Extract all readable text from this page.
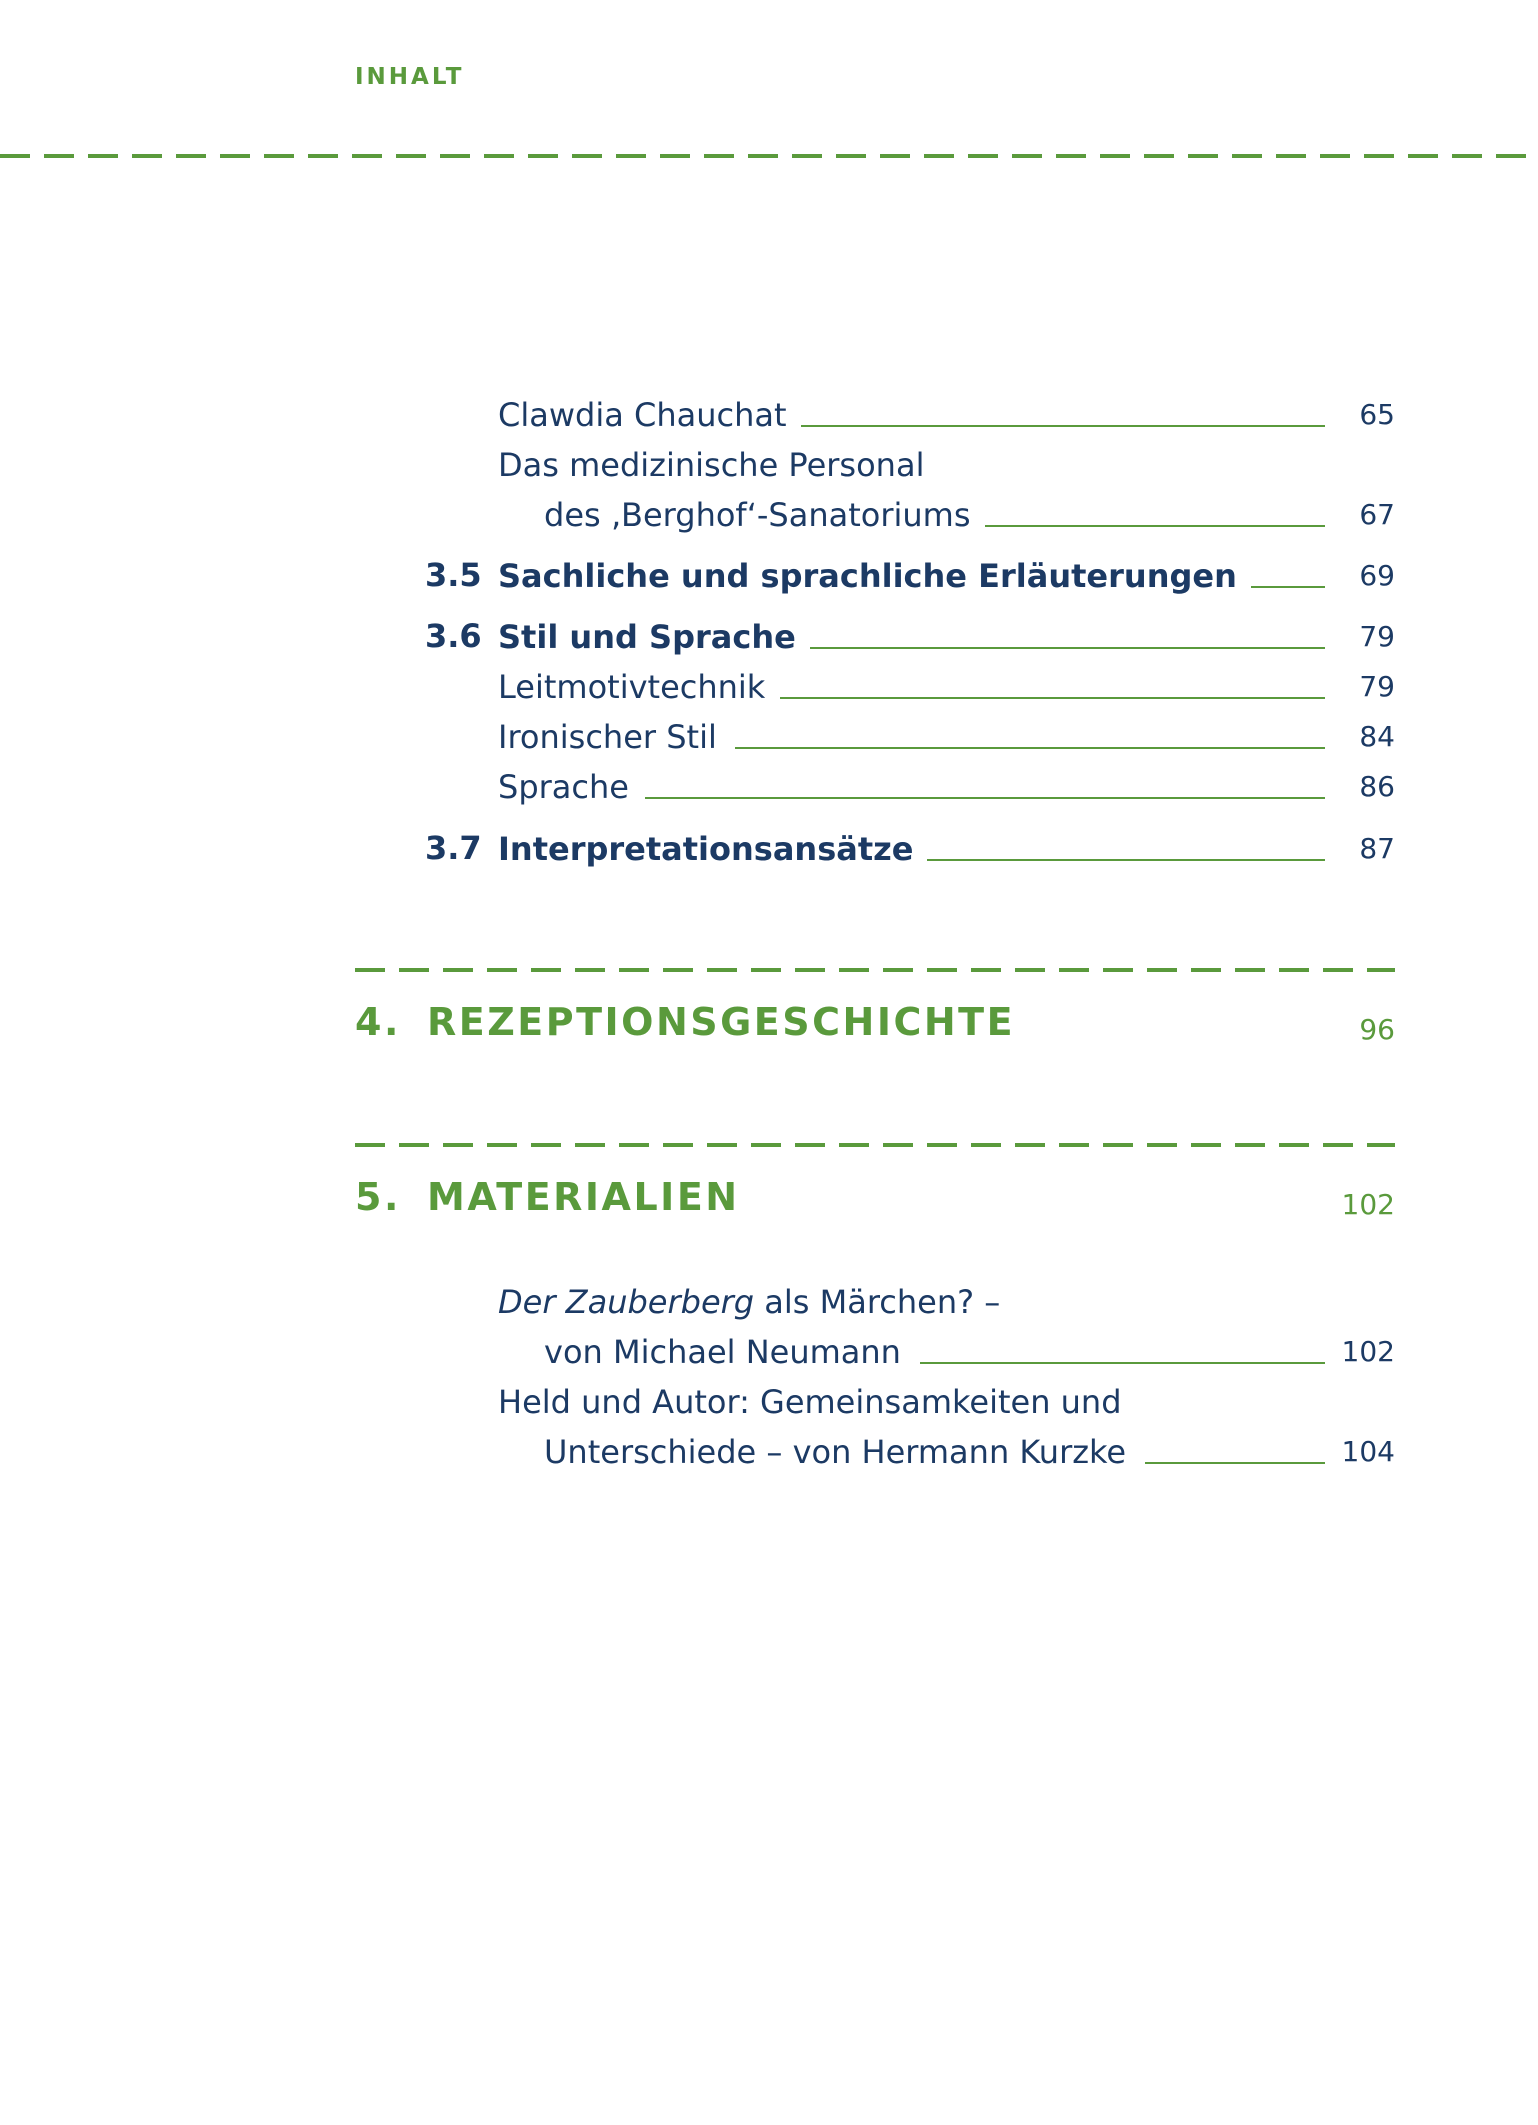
INHALT
Clawdia Chauchat	65
Das medizinische Personal
des ‚Berghof‘-Sanatoriums	67
3.5 Sachliche und sprachliche Erläuterungen	69
3.6 Stil und Sprache	79
Leitmotivtechnik	79
Ironischer Stil	84
Sprache	86
3.7 Interpretationsansätze	87
4. REZEPTIONSGESCHICHTE	96
5. MATERIALIEN	102
Der Zauberberg als Märchen? –
von Michael Neumann	102
Held und Autor: Gemeinsamkeiten und
Unterschiede – von Hermann Kurzke	104
